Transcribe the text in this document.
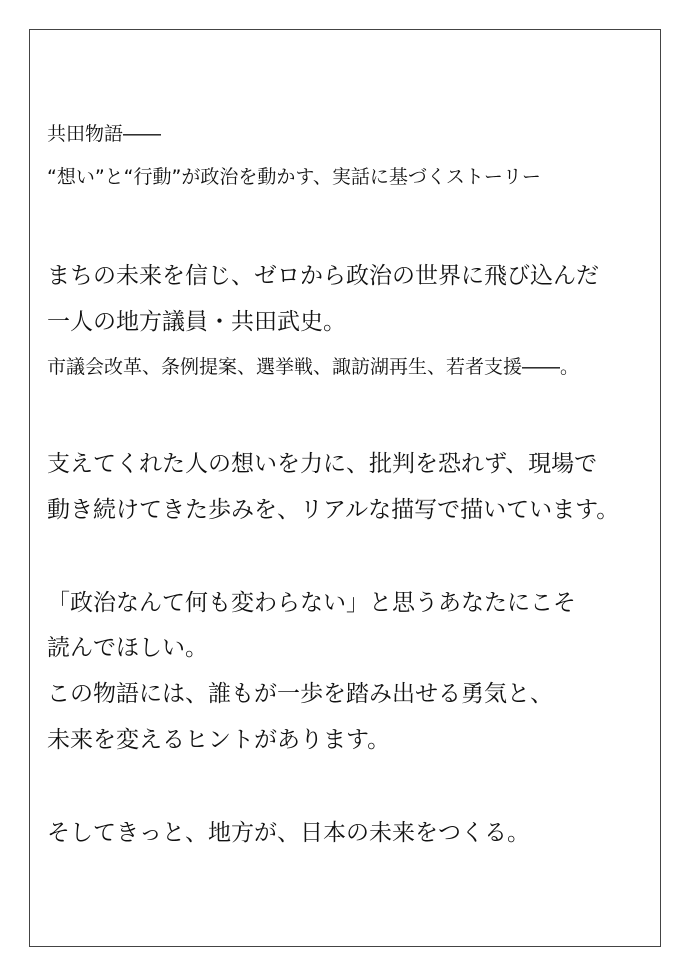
共田物語――
“想い”と“行動”が政治を動かす、実話に基づくストーリー
まちの未来を信じ、ゼロから政治の世界に飛び込んだ
一人の地方議員・共田武史。
市議会改革、条例提案、選挙戦、諏訪湖再生、若者支援――。
支えてくれた人の想いを力に、批判を恐れず、現場で
動き続けてきた歩みを、リアルな描写で描いています。
「政治なんて何も変わらない」と思うあなたにこそ
読んでほしい。
この物語には、誰もが一歩を踏み出せる勇気と、
未来を変えるヒントがあります。
そしてきっと、地方が、日本の未来をつくる。
